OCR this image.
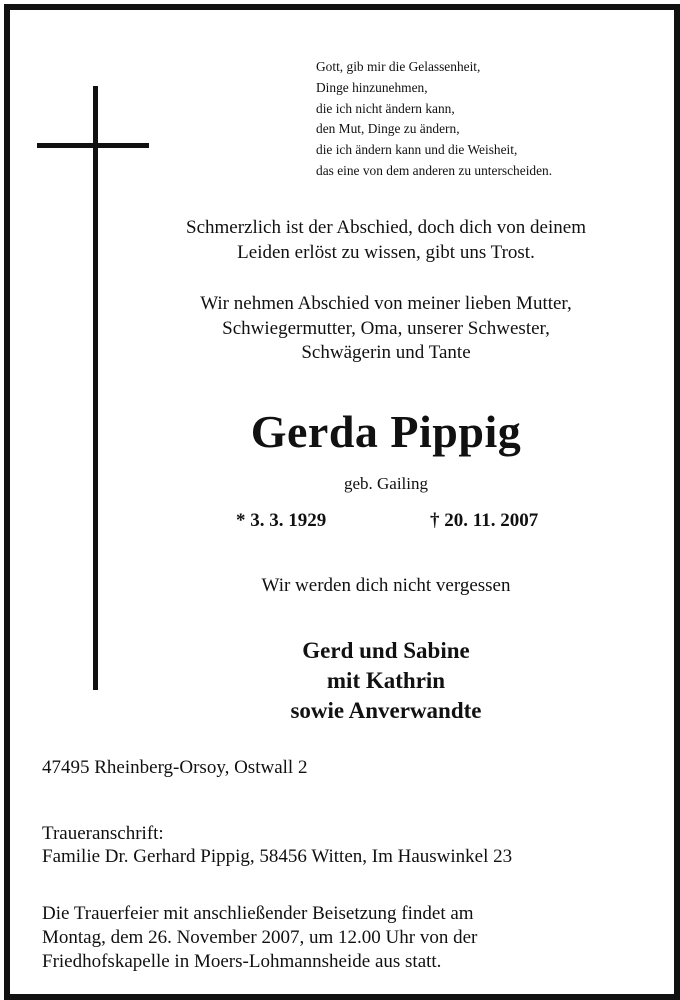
Gott, gib mir die Gelassenheit,
Dinge hinzunehmen,
die ich nicht ändern kann,
den Mut, Dinge zu ändern,
die ich ändern kann und die Weisheit,
das eine von dem anderen zu unterscheiden.
Schmerzlich ist der Abschied, doch dich von deinem
Leiden erlöst zu wissen, gibt uns Trost.
Wir nehmen Abschied von meiner lieben Mutter,
Schwiegermutter, Oma, unserer Schwester,
Schwägerin und Tante
Gerda Pippig
geb. Gailing
* 3. 3. 1929	† 20. 11. 2007
Wir werden dich nicht vergessen
Gerd und Sabine
mit Kathrin
sowie Anverwandte
47495 Rheinberg-Orsoy, Ostwall 2
Traueranschrift:
Familie Dr. Gerhard Pippig, 58456 Witten, Im Hauswinkel 23
Die Trauerfeier mit anschließender Beisetzung findet am
Montag, dem 26. November 2007, um 12.00 Uhr von der
Friedhofskapelle in Moers-Lohmannsheide aus statt.
